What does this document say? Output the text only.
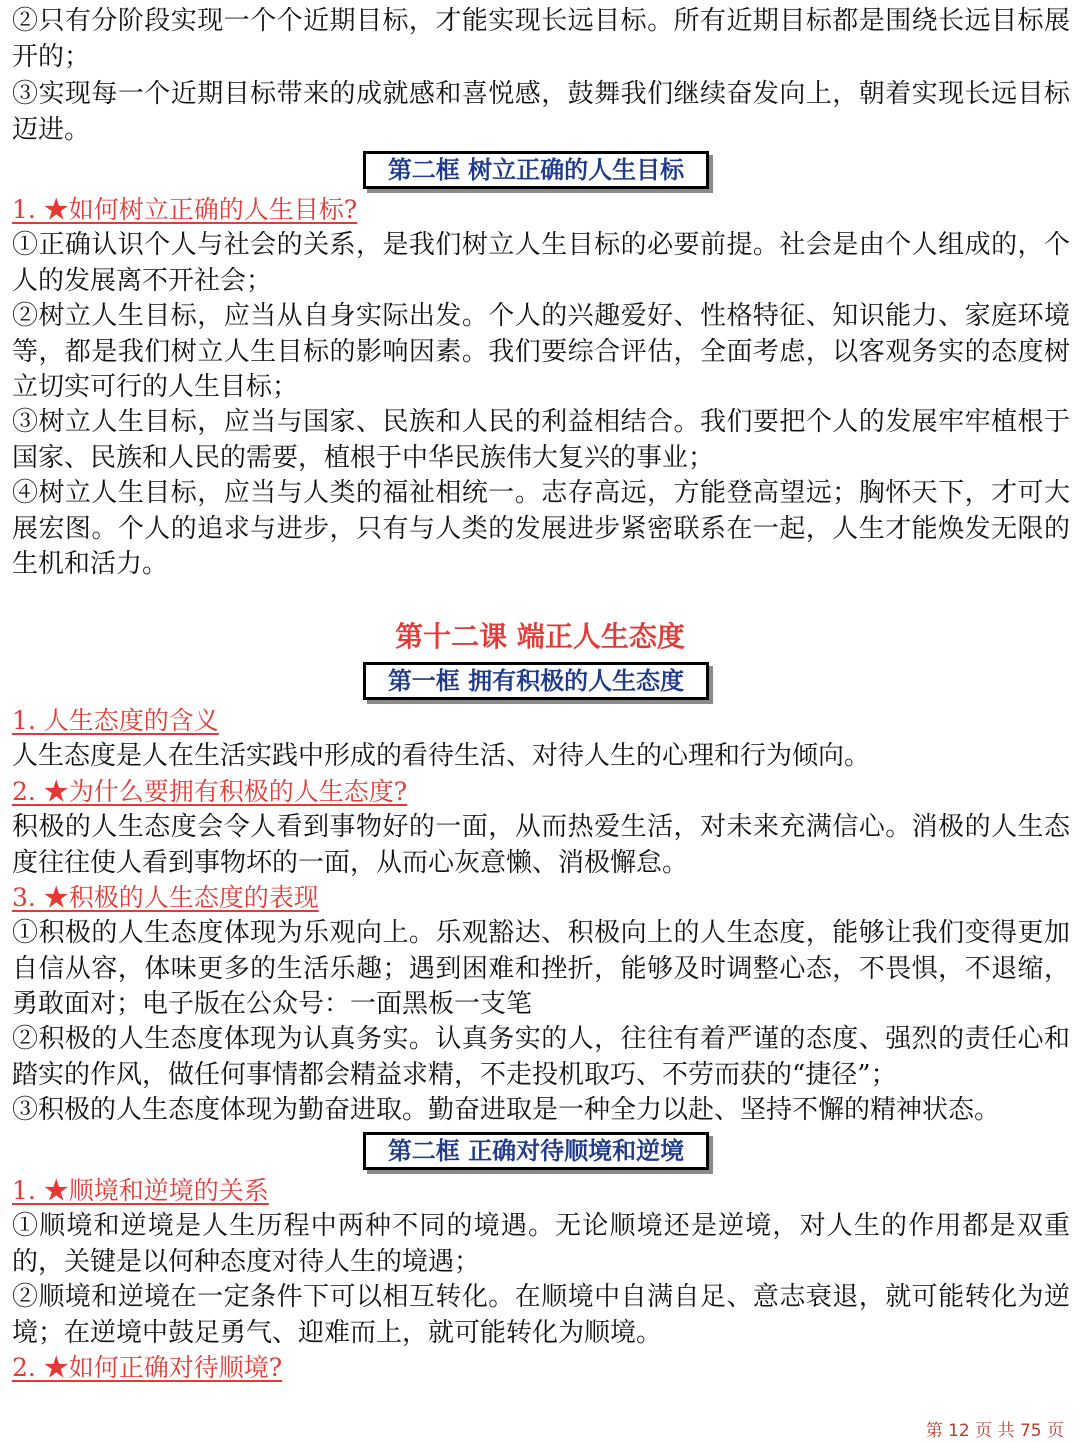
②只有分阶段实现一个个近期目标，才能实现长远目标。所有近期目标都是围绕长远目标展开的；

③实现每一个近期目标带来的成就感和喜悦感，鼓舞我们继续奋发向上，朝着实现长远目标迈进。

第二框 树立正确的人生目标
1. ★如何树立正确的人生目标?

①正确认识个人与社会的关系，是我们树立人生目标的必要前提。社会是由个人组成的，个人的发展离不开社会；

②树立人生目标，应当从自身实际出发。个人的兴趣爱好、性格特征、知识能力、家庭环境等，都是我们树立人生目标的影响因素。我们要综合评估，全面考虑，以客观务实的态度树立切实可行的人生目标；

③树立人生目标，应当与国家、民族和人民的利益相结合。我们要把个人的发展牢牢植根于国家、民族和人民的需要，植根于中华民族伟大复兴的事业；

④树立人生目标，应当与人类的福祉相统一。志存高远，方能登高望远；胸怀天下，才可大展宏图。个人的追求与进步，只有与人类的发展进步紧密联系在一起，人生才能焕发无限的生机和活力。

第十二课 端正人生态度
第一框 拥有积极的人生态度
1. 人生态度的含义

人生态度是人在生活实践中形成的看待生活、对待人生的心理和行为倾向。

2. ★为什么要拥有积极的人生态度?

积极的人生态度会令人看到事物好的一面，从而热爱生活，对未来充满信心。消极的人生态度往往使人看到事物坏的一面，从而心灰意懒、消极懈怠。

3. ★积极的人生态度的表现

①积极的人生态度体现为乐观向上。乐观豁达、积极向上的人生态度，能够让我们变得更加自信从容，体味更多的生活乐趣；遇到困难和挫折，能够及时调整心态，不畏惧，不退缩，勇敢面对；电子版在公众号：一面黑板一支笔

②积极的人生态度体现为认真务实。认真务实的人，往往有着严谨的态度、强烈的责任心和踏实的作风，做任何事情都会精益求精，不走投机取巧、不劳而获的“捷径”；

③积极的人生态度体现为勤奋进取。勤奋进取是一种全力以赴、坚持不懈的精神状态。

第二框 正确对待顺境和逆境
1. ★顺境和逆境的关系

①顺境和逆境是人生历程中两种不同的境遇。无论顺境还是逆境，对人生的作用都是双重的，关键是以何种态度对待人生的境遇；

②顺境和逆境在一定条件下可以相互转化。在顺境中自满自足、意志衰退，就可能转化为逆境；在逆境中鼓足勇气、迎难而上，就可能转化为顺境。

2. ★如何正确对待顺境?
第 12 页 共 75 页
